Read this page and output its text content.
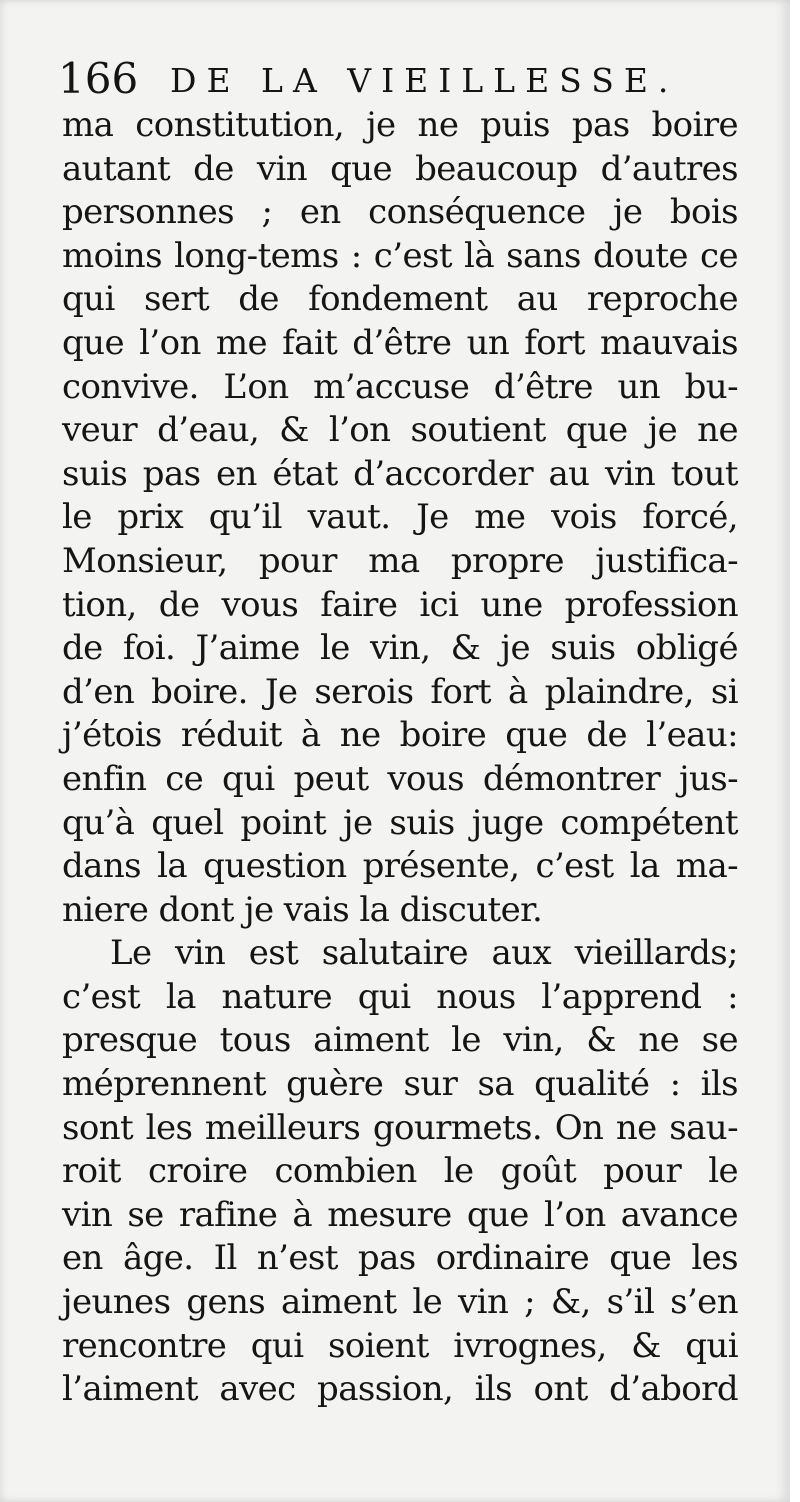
166 DE LA VIEILLESSE.
ma constitution, je ne puis pas boire
autant de vin que beaucoup d’autres
personnes ; en conséquence je bois
moins long-tems : c’est là sans doute ce
qui sert de fondement au reproche
que l’on me fait d’être un fort mauvais
convive. L’on m’accuse d’être un bu-
veur d’eau, & l’on soutient que je ne
suis pas en état d’accorder au vin tout
le prix qu’il vaut. Je me vois forcé,
Monsieur, pour ma propre justifica-
tion, de vous faire ici une profession
de foi. J’aime le vin, & je suis obligé
d’en boire. Je serois fort à plaindre, si
j’étois réduit à ne boire que de l’eau:
enfin ce qui peut vous démontrer jus-
qu’à quel point je suis juge compétent
dans la question présente, c’est la ma-
niere dont je vais la discuter.
Le vin est salutaire aux vieillards;
c’est la nature qui nous l’apprend :
presque tous aiment le vin, & ne se
méprennent guère sur sa qualité : ils
sont les meilleurs gourmets. On ne sau-
roit croire combien le goût pour le
vin se rafine à mesure que l’on avance
en âge. Il n’est pas ordinaire que les
jeunes gens aiment le vin ; &, s’il s’en
rencontre qui soient ivrognes, & qui
l’aiment avec passion, ils ont d’abord
